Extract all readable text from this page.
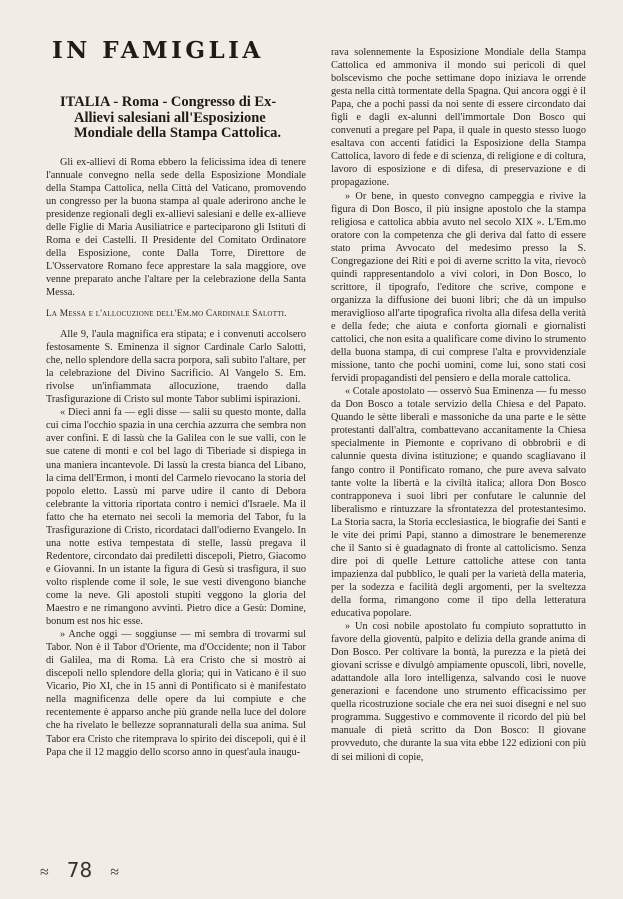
IN FAMIGLIA
ITALIA - Roma - Congresso di Ex-Allievi salesiani all'Esposizione Mondiale della Stampa Cattolica.

Gli ex-allievi di Roma ebbero la felicissima idea di tenere l'annuale convegno nella sede della Esposizione Mondiale della Stampa Cattolica, nella Città del Vaticano, promovendo un congresso per la buona stampa al quale aderirono anche le presidenze regionali degli ex-allievi salesiani e delle ex-allieve delle Figlie di Maria Ausiliatrice e parteciparono gli Istituti di Roma e dei Castelli. Il Presidente del Comitato Ordinatore della Esposizione, conte Dalla Torre, Direttore de L'Osservatore Romano fece apprestare la sala maggiore, ove venne preparato anche l'altare per la celebrazione della Santa Messa.

La Messa e l'allocuzione dell'Em.mo Cardinale Salotti.

Alle 9, l'aula magnifica era stipata; e i convenuti accolsero festosamente S. Eminenza il signor Cardinale Carlo Salotti, che, nello splendore della sacra porpora, salì subito l'altare, per la celebrazione del Divino Sacrificio. Al Vangelo S. Em. rivolse un'infiammata allocuzione, traendo dalla Trasfigurazione di Cristo sul monte Tabor sublimi ispirazioni.

« Dieci anni fa — egli disse — salii su questo monte, dalla cui cima l'occhio spazia in una cerchia azzurra che sembra non aver confini. E di lassù che la Galilea con le sue valli, con le sue catene di monti e col bel lago di Tiberiade si dispiega in una maniera incantevole. Di lassù la cresta bianca del Libano, la cima dell'Ermon, i monti del Carmelo rievocano la storia del popolo eletto. Lassù mi parve udire il canto di Debora celebrante la vittoria riportata contro i nemici d'Israele. Ma il fatto che ha eternato nei secoli la memoria del Tabor, fu la Trasfigurazione di Cristo, ricordataci dall'odierno Evangelo. In una notte estiva tempestata di stelle, lassù pregava il Redentore, circondato dai prediletti discepoli, Pietro, Giacomo e Giovanni. In un istante la figura di Gesù si trasfigura, il suo volto risplende come il sole, le sue vesti divengono bianche come la neve. Gli apostoli stupiti veggono la gloria del Maestro e ne rimangono avvinti. Pietro dice a Gesù: Domine, bonum est nos hic esse.

» Anche oggi — soggiunse — mi sembra di trovarmi sul Tabor. Non è il Tabor d'Oriente, ma d'Occidente; non il Tabor di Galilea, ma di Roma. Là era Cristo che si mostrò ai discepoli nello splendore della gloria; qui in Vaticano è il suo Vicario, Pio XI, che in 15 anni di Pontificato si è manifestato nella magnificenza delle opere da lui compiute e che recentemente è apparso anche più grande nella luce del dolore che ha rivelato le bellezze soprannaturali della sua anima. Sul Tabor era Cristo che ritemprava lo spirito dei discepoli, qui è il Papa che il 12 maggio dello scorso anno in quest'aula inaugu-

rava solennemente la Esposizione Mondiale della Stampa Cattolica ed ammoniva il mondo sui pericoli di quel bolscevismo che poche settimane dopo iniziava le orrende gesta nella città tormentate della Spagna. Qui ancora oggi è il Papa, che a pochi passi da noi sente di essere circondato dai figli e dagli ex-alunni dell'immortale Don Bosco qui convenuti a pregare pel Papa, il quale in questo stesso luogo esaltava con accenti fatidici la Esposizione della Stampa Cattolica, lavoro di fede e di scienza, di religione e di coltura, lavoro di esposizione e di difesa, di preservazione e di propagazione.

» Or bene, in questo convegno campeggia e rivive la figura di Don Bosco, il più insigne apostolo che la stampa religiosa e cattolica abbia avuto nel secolo XIX ». L'Em.mo oratore con la competenza che gli deriva dal fatto di essere stato prima Avvocato del medesimo presso la S. Congregazione dei Riti e poi di averne scritto la vita, rievocò quindi rappresentandolo a vivi colori, in Don Bosco, lo scrittore, il tipografo, l'editore che scrive, compone e organizza la diffusione dei buoni libri; che dà un impulso meraviglioso all'arte tipografica rivolta alla difesa della verità e della fede; che aiuta e conforta giornali e giornalisti cattolici, che non esita a qualificare come divino lo strumento della buona stampa, di cui comprese l'alta e provvidenziale missione, tanto che pochi uomini, come lui, sono stati così fervidi propagandisti del pensiero e della morale cattolica.

« Cotale apostolato — osservò Sua Eminenza — fu messo da Don Bosco a totale servizio della Chiesa e del Papato. Quando le sètte liberali e massoniche da una parte e le sètte protestanti dall'altra, combattevano accanitamente la Chiesa specialmente in Piemonte e coprivano di obbrobrii e di calunnie questa divina istituzione; e quando scagliavano il fango contro il Pontificato romano, che pure aveva salvato tante volte la libertà e la civiltà italica; allora Don Bosco contrapponeva i suoi libri per confutare le calunnie del liberalismo e rintuzzare la sfrontatezza del protestantesimo. La Storia sacra, la Storia ecclesiastica, le biografie dei Santi e le vite dei primi Papi, stanno a dimostrare le benemerenze che il Santo si è guadagnato di fronte al cattolicismo. Senza dire poi di quelle Letture cattoliche attese con tanta impazienza dal pubblico, le quali per la varietà della materia, per la sodezza e facilità degli argomenti, per la sveltezza della forma, rimangono come il tipo della letteratura educativa popolare.

» Un così nobile apostolato fu compiuto soprattutto in favore della gioventù, palpito e delizia della grande anima di Don Bosco. Per coltivare la bontà, la purezza e la pietà dei giovani scrisse e divulgò ampiamente opuscoli, libri, novelle, adattandole alla loro intelligenza, salvando così le nuove generazioni e facendone uno strumento efficacissimo per quella ricostruzione sociale che era nei suoi disegni e nel suo programma. Suggestivo e commovente il ricordo del più bel manuale di pietà scritto da Don Bosco: Il giovane provveduto, che durante la sua vita ebbe 122 edizioni con più di sei milioni di copie,

≈ 78 ≈
